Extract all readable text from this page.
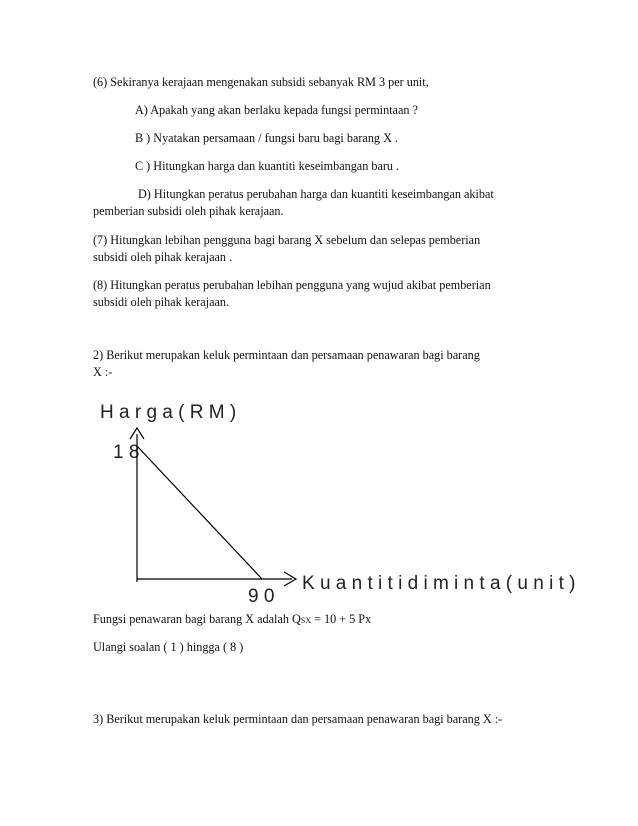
(6) Sekiranya kerajaan mengenakan subsidi sebanyak RM 3 per unit,
A) Apakah yang akan berlaku kepada fungsi permintaan ?
B ) Nyatakan persamaan / fungsi baru bagi barang X .
C ) Hitungkan harga dan kuantiti keseimbangan baru .
D) Hitungkan peratus perubahan harga dan kuantiti keseimbangan akibat
pemberian subsidi oleh pihak kerajaan.
(7) Hitungkan lebihan pengguna bagi barang X sebelum dan selepas pemberian
subsidi oleh pihak kerajaan .
(8) Hitungkan peratus perubahan lebihan pengguna yang wujud akibat pemberian
subsidi oleh pihak kerajaan.
2) Berikut merupakan keluk permintaan dan persamaan penawaran bagi barang
X :-
H a r g a ( R M )
1 8
9 0
K u a n t i t i d i m i n t a ( u n i t )
Fungsi penawaran bagi barang X adalah QSX = 10 + 5 Px
Ulangi soalan ( 1 ) hingga ( 8 )
3) Berikut merupakan keluk permintaan dan persamaan penawaran bagi barang X :-
